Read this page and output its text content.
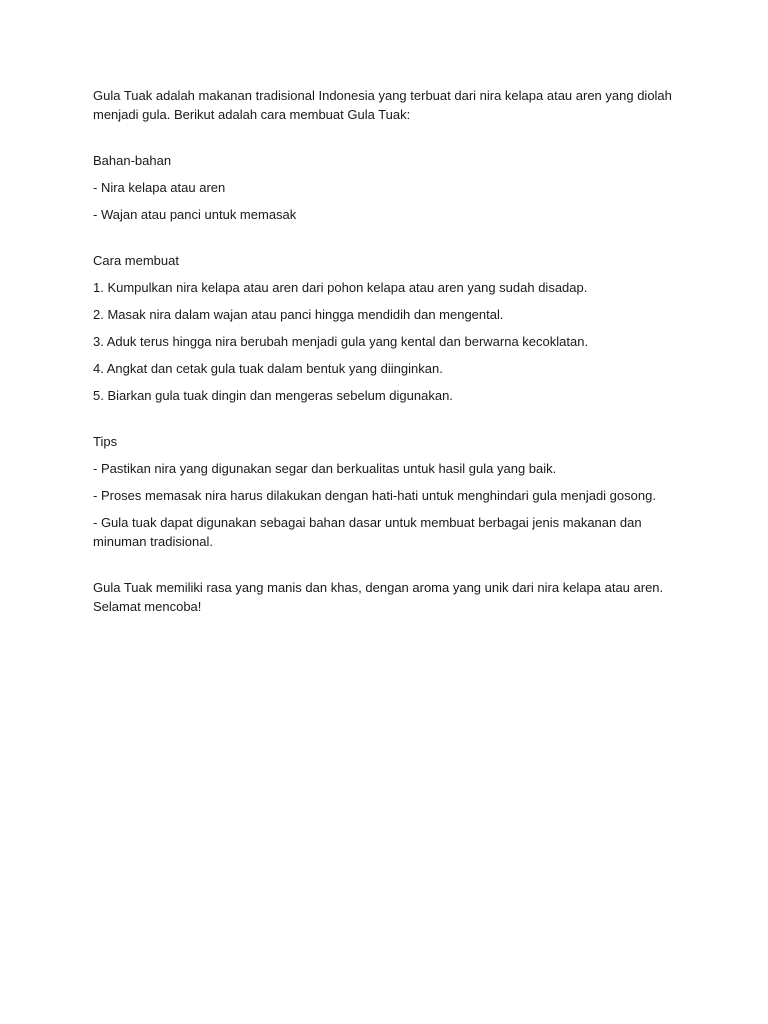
Gula Tuak adalah makanan tradisional Indonesia yang terbuat dari nira kelapa atau aren yang diolah menjadi gula. Berikut adalah cara membuat Gula Tuak:

Bahan-bahan

- Nira kelapa atau aren

- Wajan atau panci untuk memasak

Cara membuat

1. Kumpulkan nira kelapa atau aren dari pohon kelapa atau aren yang sudah disadap.

2. Masak nira dalam wajan atau panci hingga mendidih dan mengental.

3. Aduk terus hingga nira berubah menjadi gula yang kental dan berwarna kecoklatan.

4. Angkat dan cetak gula tuak dalam bentuk yang diinginkan.

5. Biarkan gula tuak dingin dan mengeras sebelum digunakan.

Tips

- Pastikan nira yang digunakan segar dan berkualitas untuk hasil gula yang baik.

- Proses memasak nira harus dilakukan dengan hati-hati untuk menghindari gula menjadi gosong.

- Gula tuak dapat digunakan sebagai bahan dasar untuk membuat berbagai jenis makanan dan minuman tradisional.

Gula Tuak memiliki rasa yang manis dan khas, dengan aroma yang unik dari nira kelapa atau aren. Selamat mencoba!
